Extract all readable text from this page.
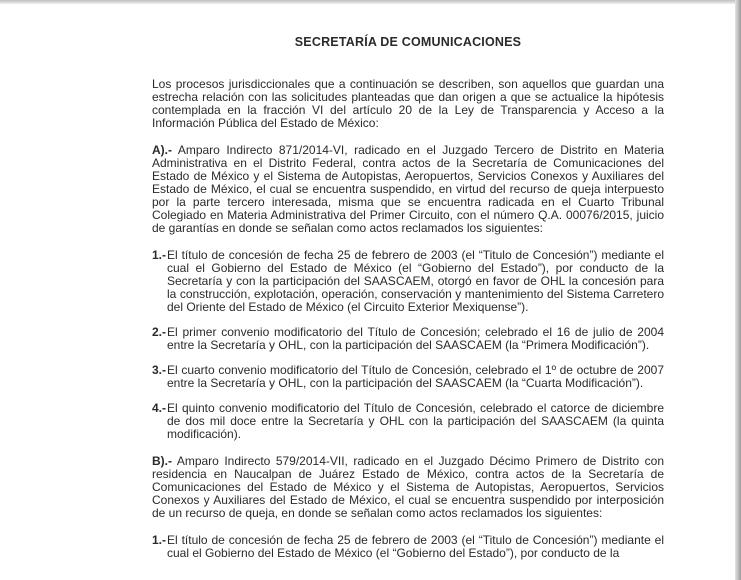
SECRETARÍA DE COMUNICACIONES

Los procesos jurisdiccionales que a continuación se describen, son aquellos que guardan una estrecha relación con las solicitudes planteadas que dan origen a que se actualice la hipótesis contemplada en la fracción VI del artículo 20 de la Ley de Transparencia y Acceso a la Información Pública del Estado de México:

A).- Amparo Indirecto 871/2014-VI, radicado en el Juzgado Tercero de Distrito en Materia Administrativa en el Distrito Federal, contra actos de la Secretaría de Comunicaciones del Estado de México y el Sistema de Autopistas, Aeropuertos, Servicios Conexos y Auxiliares del Estado de México, el cual se encuentra suspendido, en virtud del recurso de queja interpuesto por la parte tercero interesada, misma que se encuentra radicada en el Cuarto Tribunal Colegiado en Materia Administrativa del Primer Circuito, con el número Q.A. 00076/2015, juicio de garantías en donde se señalan como actos reclamados los siguientes:

1.- El título de concesión de fecha 25 de febrero de 2003 (el “Titulo de Concesión”) mediante el cual el Gobierno del Estado de México (el “Gobierno del Estado”), por conducto de la Secretaría y con la participación del SAASCAEM, otorgó en favor de OHL la concesión para la construcción, explotación, operación, conservación y mantenimiento del Sistema Carretero del Oriente del Estado de México (el Circuito Exterior Mexiquense”).
2.- El primer convenio modificatorio del Título de Concesión; celebrado el 16 de julio de 2004 entre la Secretaría y OHL, con la participación del SAASCAEM (la “Primera Modificación”).
3.- El cuarto convenio modificatorio del Título de Concesión, celebrado el 1º de octubre de 2007 entre la Secretaría y OHL, con la participación del SAASCAEM (la “Cuarta Modificación”).
4.- El quinto convenio modificatorio del Título de Concesión, celebrado el catorce de diciembre de dos mil doce entre la Secretaría y OHL con la participación del SAASCAEM (la quinta modificación).

B).- Amparo Indirecto 579/2014-VII, radicado en el Juzgado Décimo Primero de Distrito con residencia en Naucalpan de Juárez Estado de México, contra actos de la Secretaría de Comunicaciones del Estado de México y el Sistema de Autopistas, Aeropuertos, Servicios Conexos y Auxiliares del Estado de México, el cual se encuentra suspendido por interposición de un recurso de queja, en donde se señalan como actos reclamados los siguientes:

1.- El título de concesión de fecha 25 de febrero de 2003 (el “Titulo de Concesión”) mediante el cual el Gobierno del Estado de México (el “Gobierno del Estado”), por conducto de la
